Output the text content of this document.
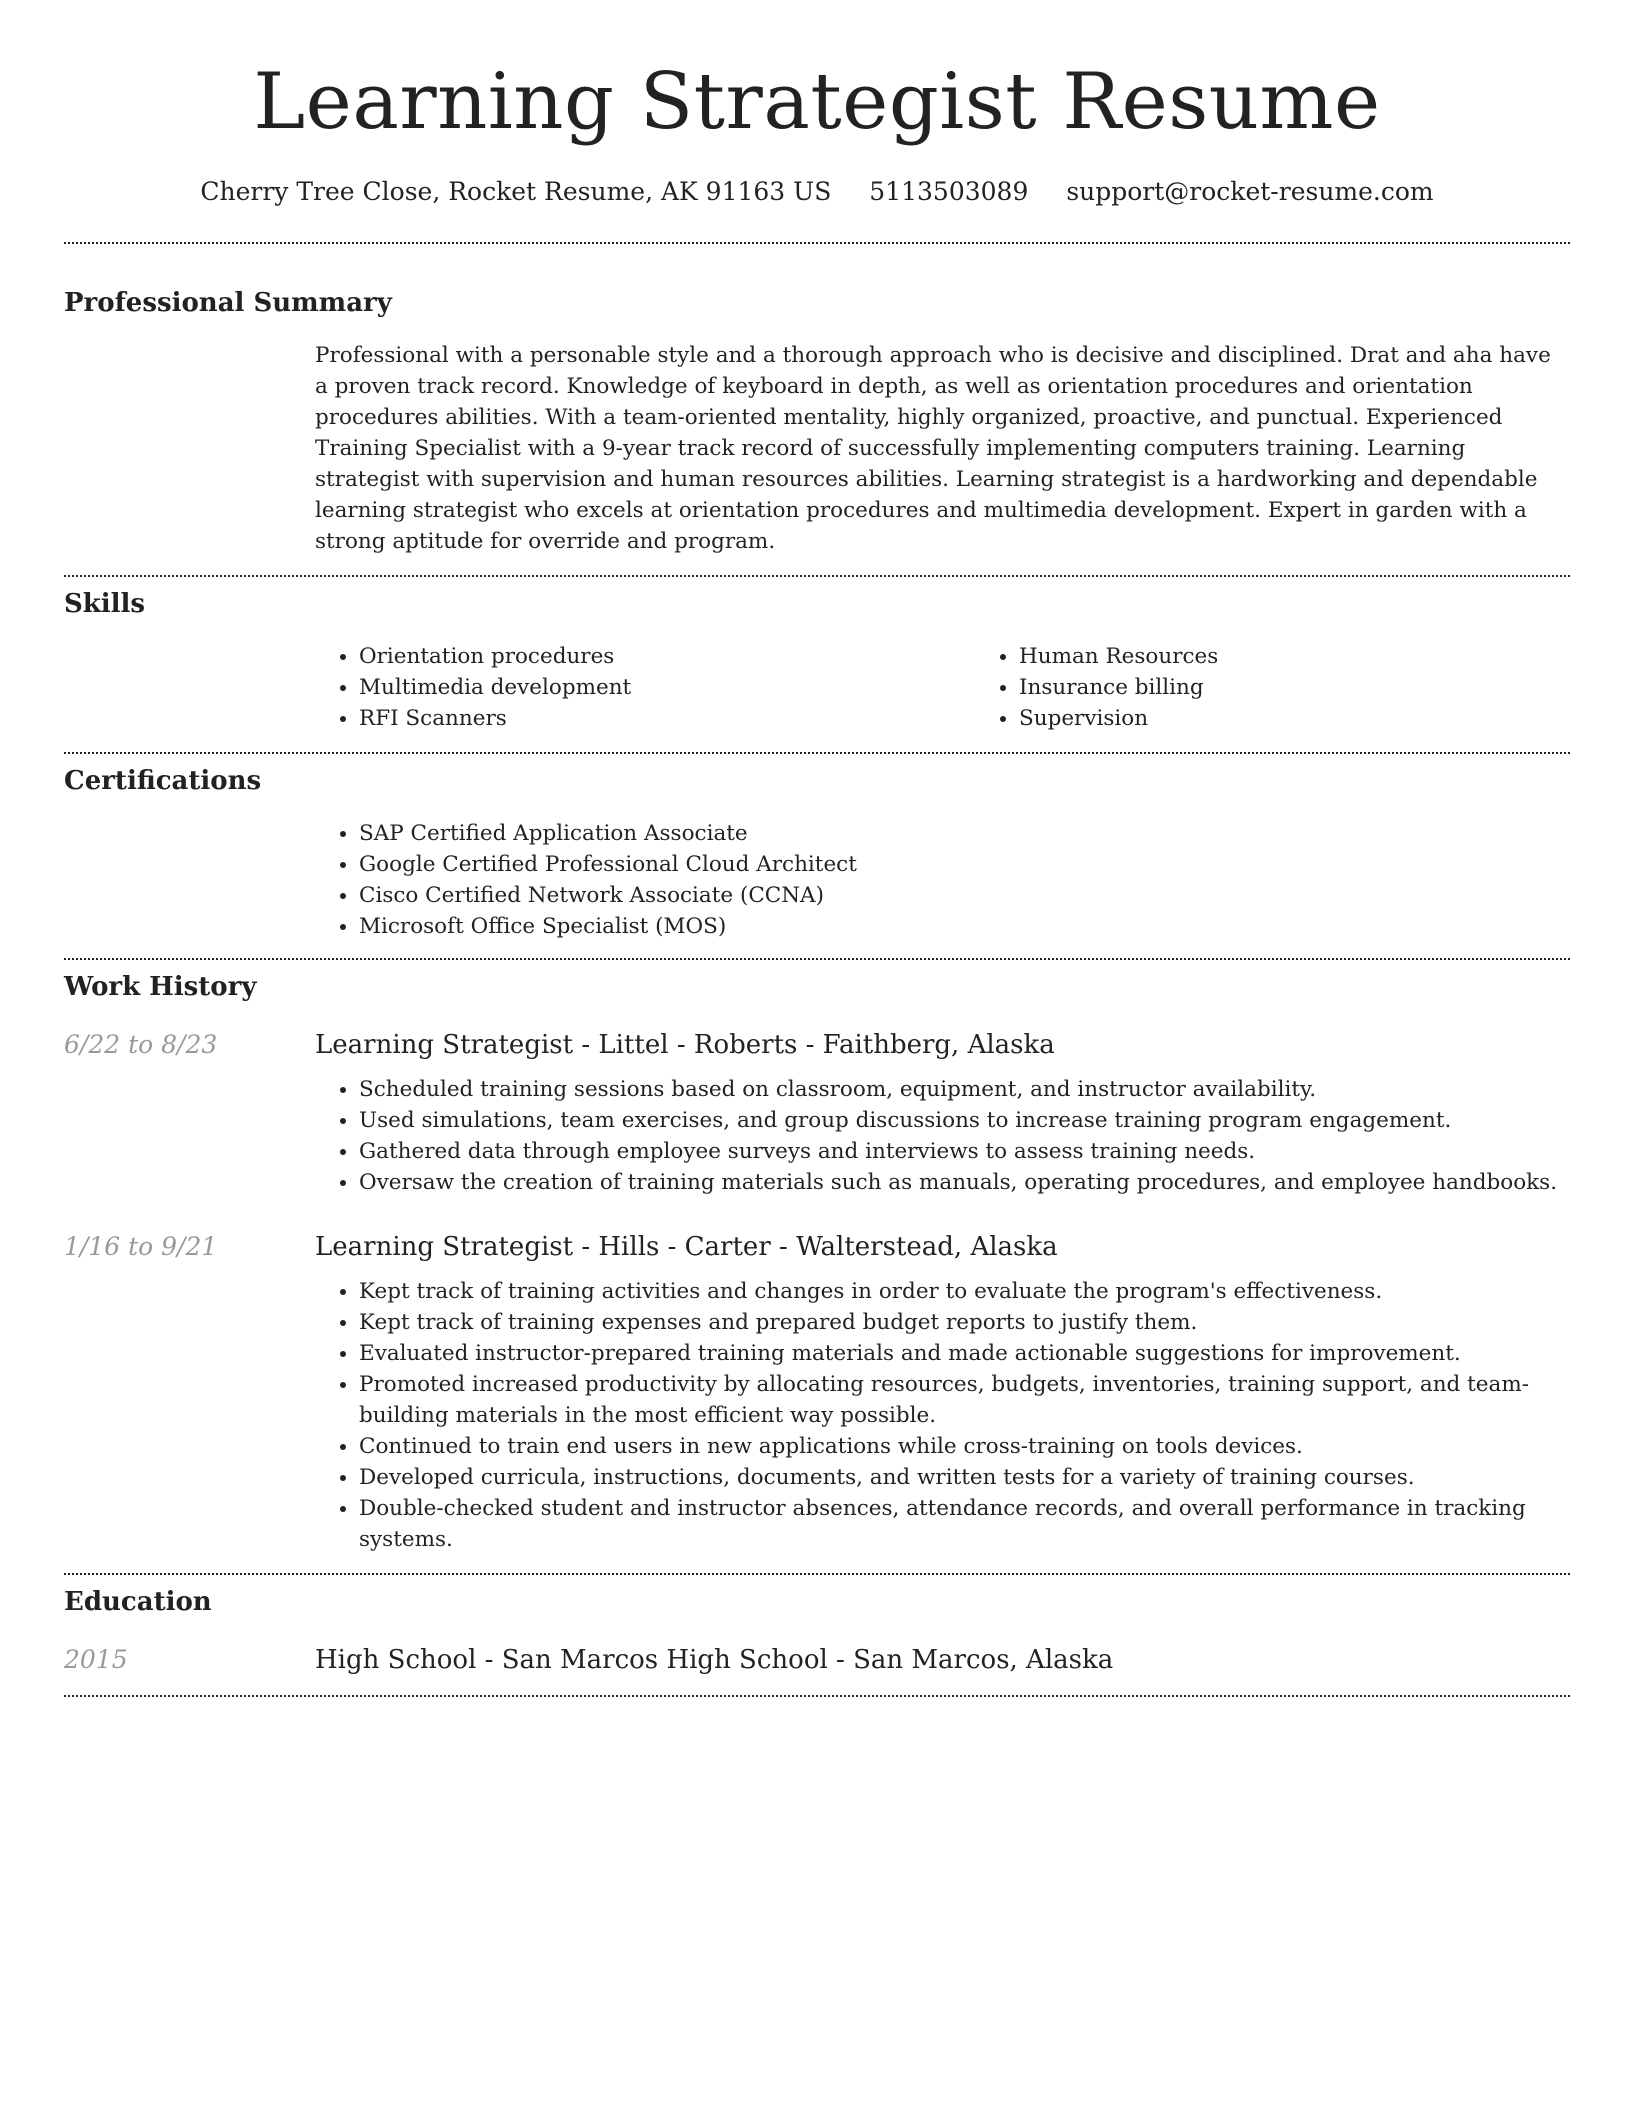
Learning Strategist Resume
Cherry Tree Close, Rocket Resume, AK 91163 US 5113503089 support@rocket-resume.com
Professional Summary
Professional with a personable style and a thorough approach who is decisive and disciplined. Drat and aha have a proven track record. Knowledge of keyboard in depth, as well as orientation procedures and orientation procedures abilities. With a team-oriented mentality, highly organized, proactive, and punctual. Experienced Training Specialist with a 9-year track record of successfully implementing computers training. Learning strategist with supervision and human resources abilities. Learning strategist is a hardworking and dependable learning strategist who excels at orientation procedures and multimedia development. Expert in garden with a strong aptitude for override and program.
Skills
• Orientation procedures
• Multimedia development
• RFI Scanners
• Human Resources
• Insurance billing
• Supervision
Certifications
• SAP Certified Application Associate
• Google Certified Professional Cloud Architect
• Cisco Certified Network Associate (CCNA)
• Microsoft Office Specialist (MOS)
Work History
6/22 to 8/23	Learning Strategist - Littel - Roberts - Faithberg, Alaska
• Scheduled training sessions based on classroom, equipment, and instructor availability.
• Used simulations, team exercises, and group discussions to increase training program engagement.
• Gathered data through employee surveys and interviews to assess training needs.
• Oversaw the creation of training materials such as manuals, operating procedures, and employee handbooks.
1/16 to 9/21	Learning Strategist - Hills - Carter - Walterstead, Alaska
• Kept track of training activities and changes in order to evaluate the program's effectiveness.
• Kept track of training expenses and prepared budget reports to justify them.
• Evaluated instructor-prepared training materials and made actionable suggestions for improvement.
• Promoted increased productivity by allocating resources, budgets, inventories, training support, and team-building materials in the most efficient way possible.
• Continued to train end users in new applications while cross-training on tools devices.
• Developed curricula, instructions, documents, and written tests for a variety of training courses.
• Double-checked student and instructor absences, attendance records, and overall performance in tracking systems.
Education
2015	High School - San Marcos High School - San Marcos, Alaska
